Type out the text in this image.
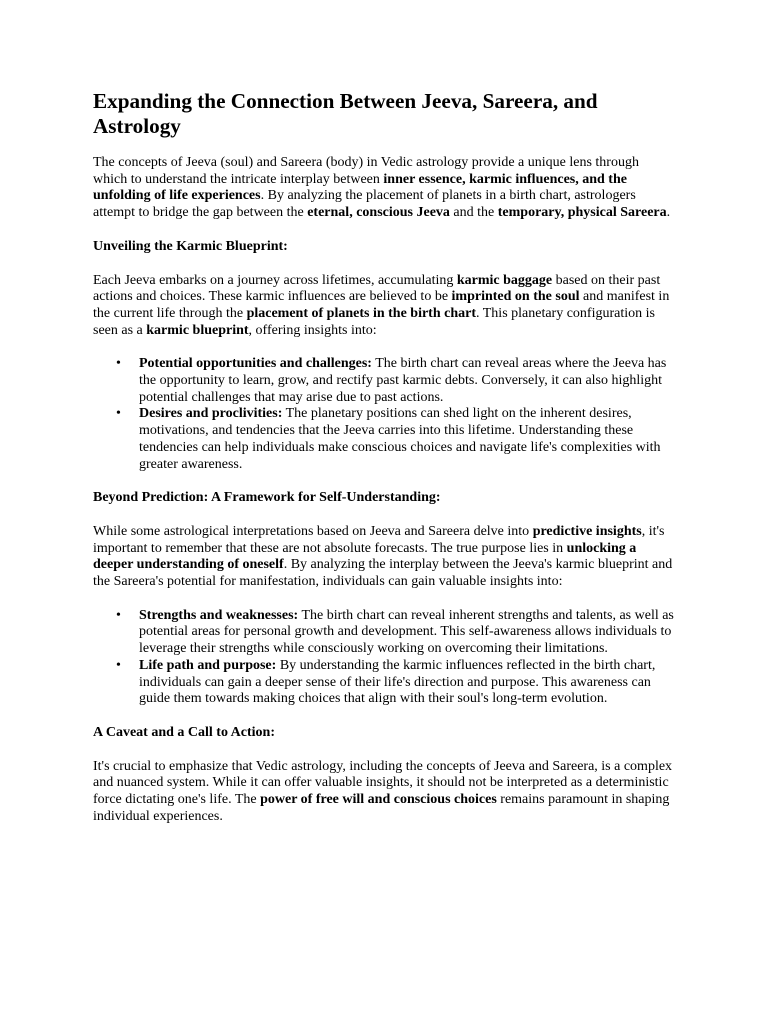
Expanding the Connection Between Jeeva, Sareera, and Astrology

The concepts of Jeeva (soul) and Sareera (body) in Vedic astrology provide a unique lens through which to understand the intricate interplay between inner essence, karmic influences, and the unfolding of life experiences. By analyzing the placement of planets in a birth chart, astrologers attempt to bridge the gap between the eternal, conscious Jeeva and the temporary, physical Sareera.

Unveiling the Karmic Blueprint:

Each Jeeva embarks on a journey across lifetimes, accumulating karmic baggage based on their past actions and choices. These karmic influences are believed to be imprinted on the soul and manifest in the current life through the placement of planets in the birth chart. This planetary configuration is seen as a karmic blueprint, offering insights into:

• Potential opportunities and challenges: The birth chart can reveal areas where the Jeeva has the opportunity to learn, grow, and rectify past karmic debts. Conversely, it can also highlight potential challenges that may arise due to past actions.
• Desires and proclivities: The planetary positions can shed light on the inherent desires, motivations, and tendencies that the Jeeva carries into this lifetime. Understanding these tendencies can help individuals make conscious choices and navigate life's complexities with greater awareness.

Beyond Prediction: A Framework for Self-Understanding:

While some astrological interpretations based on Jeeva and Sareera delve into predictive insights, it's important to remember that these are not absolute forecasts. The true purpose lies in unlocking a deeper understanding of oneself. By analyzing the interplay between the Jeeva's karmic blueprint and the Sareera's potential for manifestation, individuals can gain valuable insights into:

• Strengths and weaknesses: The birth chart can reveal inherent strengths and talents, as well as potential areas for personal growth and development. This self-awareness allows individuals to leverage their strengths while consciously working on overcoming their limitations.
• Life path and purpose: By understanding the karmic influences reflected in the birth chart, individuals can gain a deeper sense of their life's direction and purpose. This awareness can guide them towards making choices that align with their soul's long-term evolution.

A Caveat and a Call to Action:

It's crucial to emphasize that Vedic astrology, including the concepts of Jeeva and Sareera, is a complex and nuanced system. While it can offer valuable insights, it should not be interpreted as a deterministic force dictating one's life. The power of free will and conscious choices remains paramount in shaping individual experiences.
